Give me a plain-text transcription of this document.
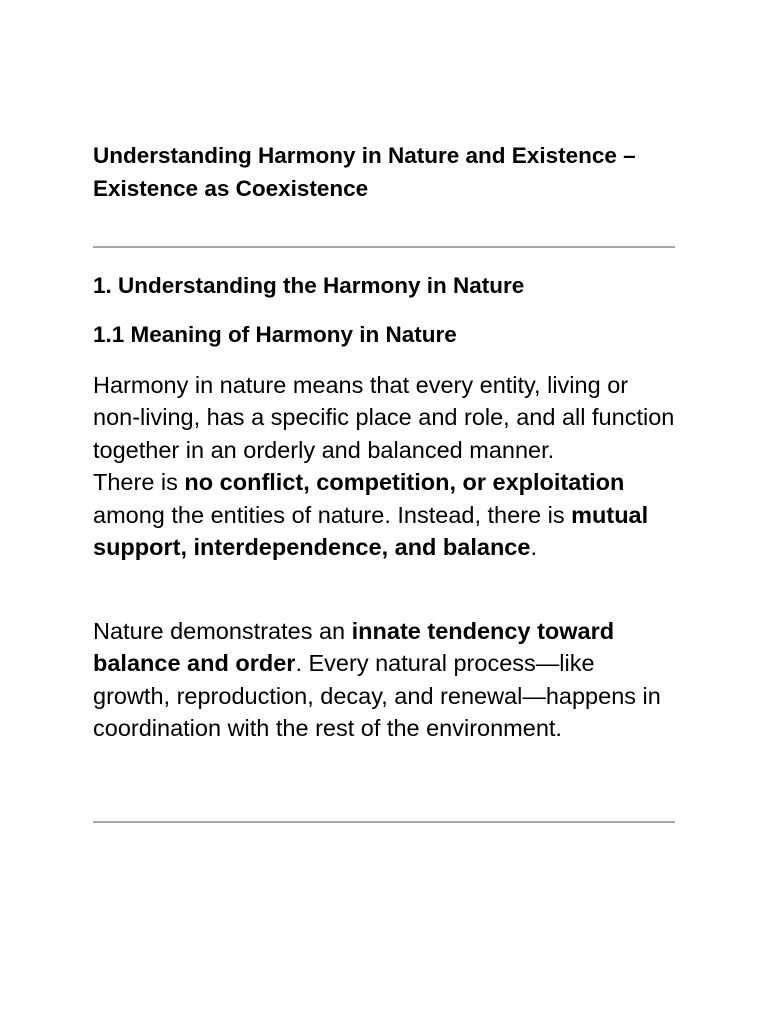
Understanding Harmony in Nature and Existence – Existence as Coexistence
1. Understanding the Harmony in Nature
1.1 Meaning of Harmony in Nature

Harmony in nature means that every entity, living or non-living, has a specific place and role, and all function together in an orderly and balanced manner.
There is no conflict, competition, or exploitation among the entities of nature. Instead, there is mutual support, interdependence, and balance.

Nature demonstrates an innate tendency toward balance and order. Every natural process—like growth, reproduction, decay, and renewal—happens in coordination with the rest of the environment.
